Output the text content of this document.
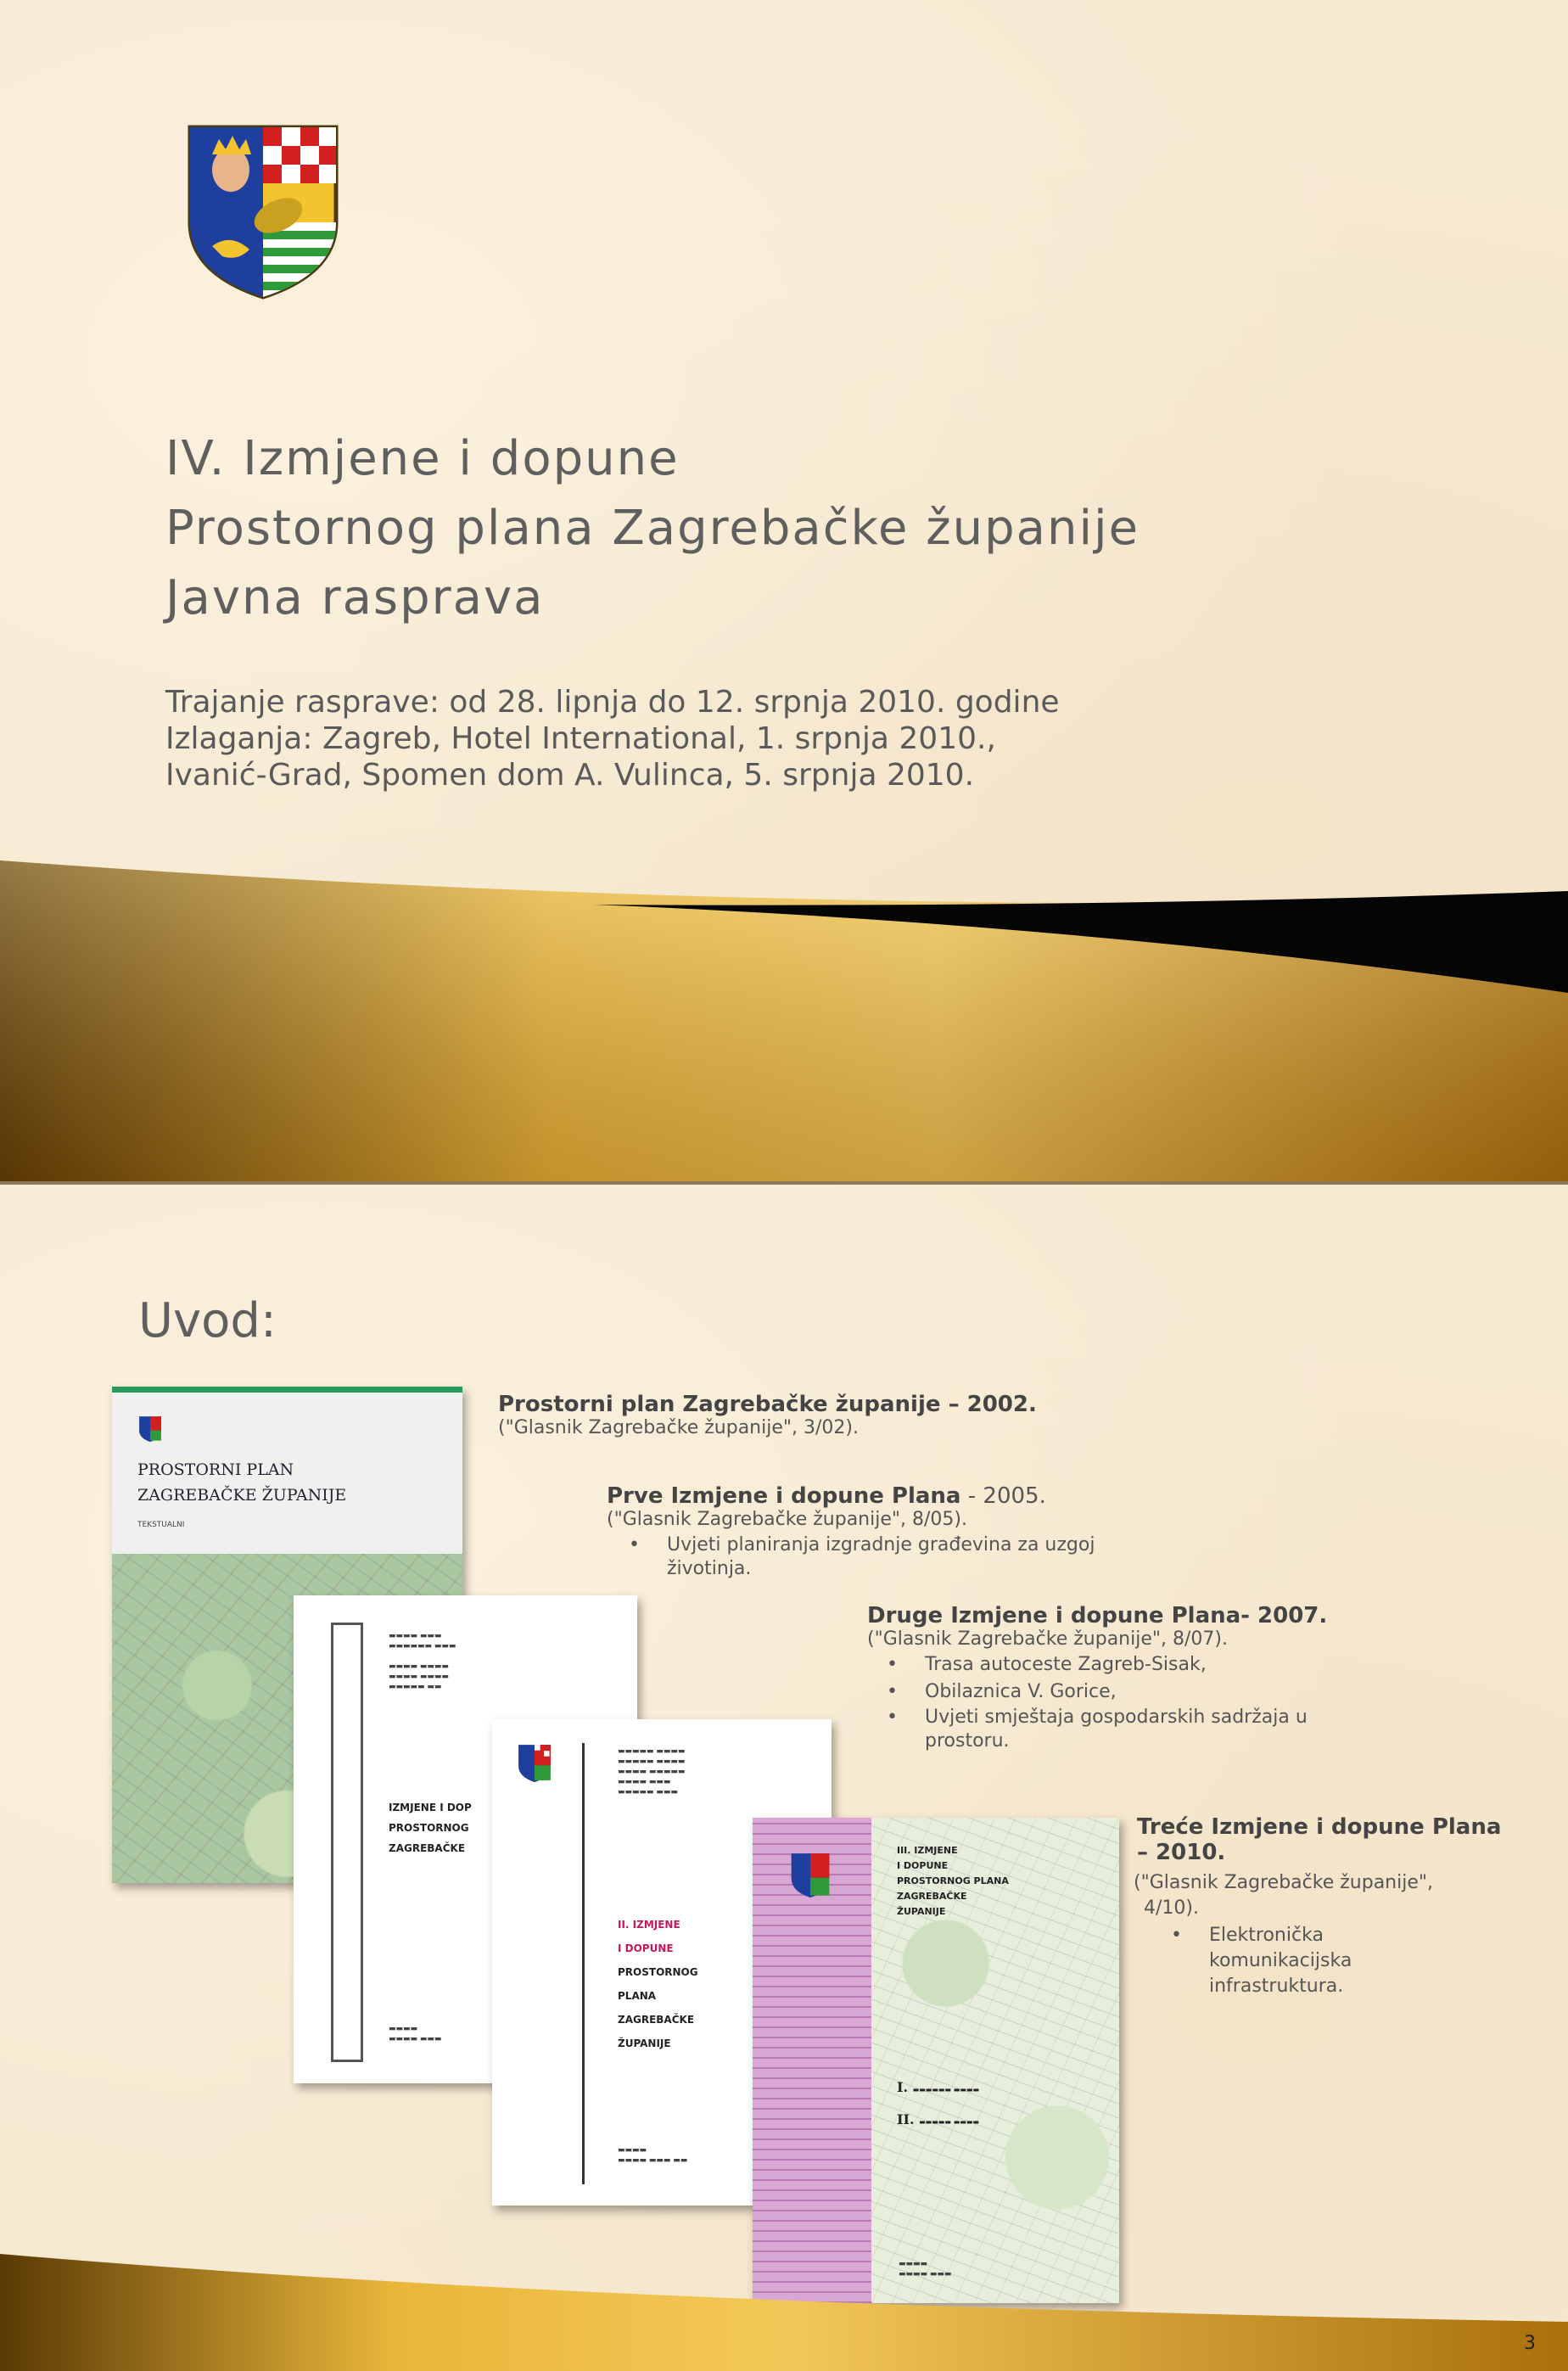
IV. Izmjene i dopune
Prostornog plana Zagrebačke županije
Javna rasprava
Trajanje rasprave: od 28. lipnja do 12. srpnja 2010. godine
Izlaganja: Zagreb, Hotel International, 1. srpnja 2010.,
Ivanić-Grad, Spomen dom A. Vulinca, 5. srpnja 2010.
Uvod:
PROSTORNI PLAN
ZAGREBAČKE ŽUPANIJE
TEKSTUALNI
▬▬▬▬ ▬▬▬
▬▬▬▬▬▬ ▬▬▬

▬▬▬▬ ▬▬▬▬
▬▬▬▬ ▬▬▬▬
▬▬▬▬▬ ▬▬
IZMJENE I DOP
PROSTORNOG
ZAGREBAČKE
▬▬▬▬
▬▬▬▬ ▬▬▬
▬▬▬▬▬ ▬▬▬▬
▬▬▬▬▬ ▬▬▬▬
▬▬▬▬ ▬▬▬▬▬
▬▬▬▬ ▬▬▬
▬▬▬▬▬ ▬▬▬
II. IZMJENE
I DOPUNE
PROSTORNOG
PLANA
ZAGREBAČKE
ŽUPANIJE
▬▬▬▬
▬▬▬▬ ▬▬▬ ▬▬
III. IZMJENE
I DOPUNE
PROSTORNOG PLANA
ZAGREBAČKE
ŽUPANIJE
I. ▬▬▬▬▬▬ ▬▬▬▬
II. ▬▬▬▬▬ ▬▬▬▬
▬▬▬▬
▬▬▬▬ ▬▬▬
Prostorni plan Zagrebačke županije – 2002.
("Glasnik Zagrebačke županije", 3/02).
Prve Izmjene i dopune Plana - 2005.
("Glasnik Zagrebačke županije", 8/05).
• Uvjeti planiranja izgradnje građevina za uzgoj
životinja.
Druge Izmjene i dopune Plana- 2007.
("Glasnik Zagrebačke županije", 8/07).
• Trasa autoceste Zagreb-Sisak,
• Obilaznica V. Gorice,
• Uvjeti smještaja gospodarskih sadržaja u
prostoru.
Treće Izmjene i dopune Plana
– 2010.
("Glasnik Zagrebačke županije",
4/10).
• Elektronička
komunikacijska
infrastruktura.
3
